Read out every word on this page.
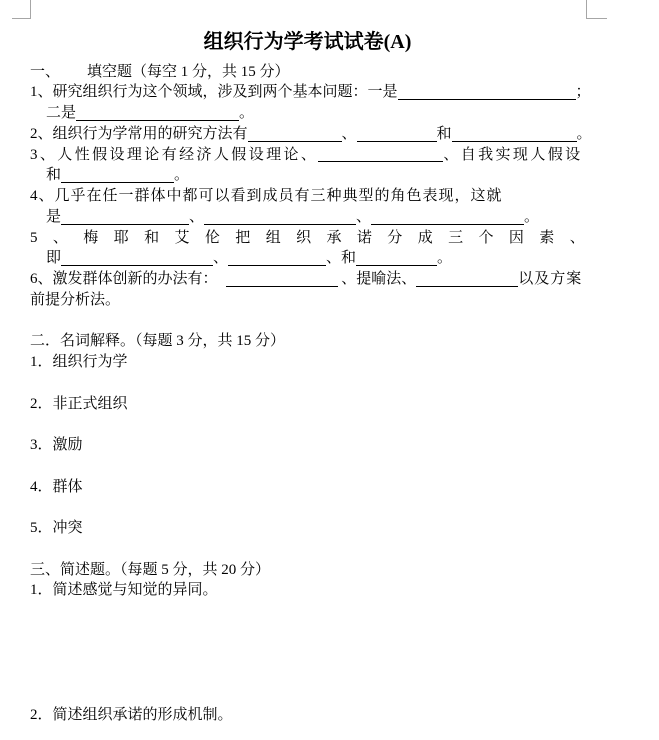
组织行为学考试试卷(A)
一、 填空题（每空 1 分，共 15 分）
1、研究组织行为这个领域，涉及到两个基本问题：一是	；
二是	。
2、组织行为学常用的研究方法有	、	和	。
3、人性假设理论有经济人假设理论、	、自我实现人假设
和	。
4、几乎在任一群体中都可以看到成员有三种典型的角色表现，这就
是	、	、	。
5、梅耶和艾伦把组织承诺分成三个因素、
即	、	、和	。
6、激发群体创新的办法有：	、提喻法、	以及方案
前提分析法。
二．名词解释。（每题 3 分，共 15 分）
1．组织行为学
2．非正式组织
3．激励
4．群体
5．冲突
三、简述题。（每题 5 分，共 20 分）
1．简述感觉与知觉的异同。
2．简述组织承诺的形成机制。
